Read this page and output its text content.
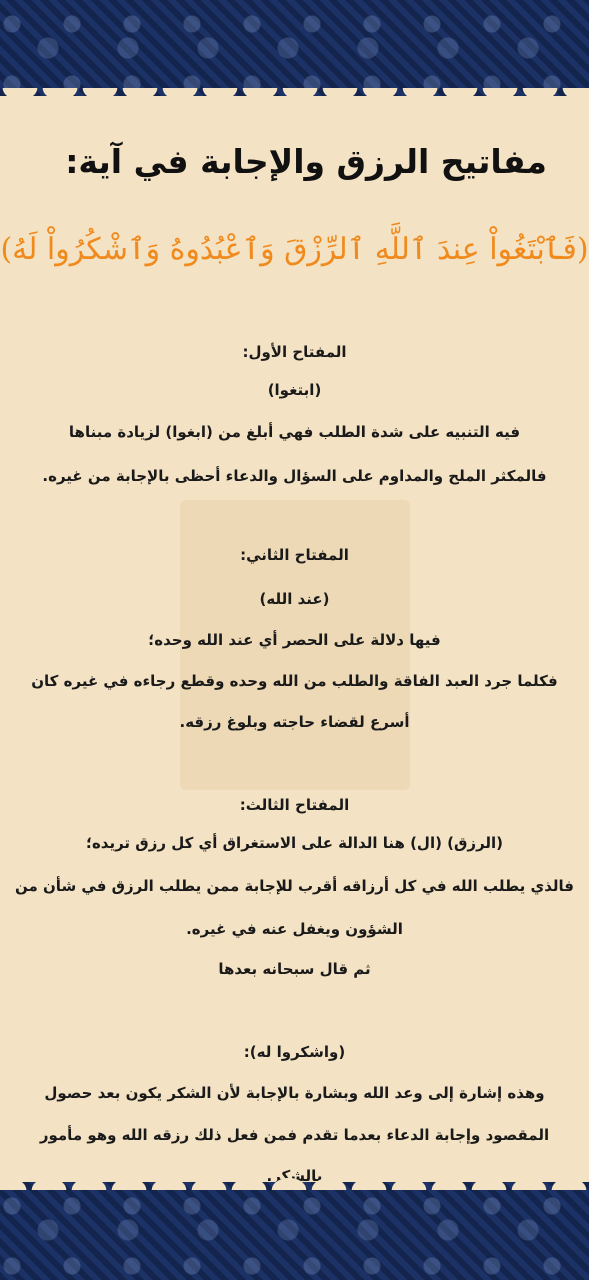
مفاتيح الرزق والإجابة في آية:
(فَٱبْتَغُواْ عِندَ ٱللَّهِ ٱلرِّزْقَ وَٱعْبُدُوهُ وَٱشْكُرُواْ لَهُ)
المفتاح الأول:
(ابتغوا)
فيه التنبيه على شدة الطلب فهي أبلغ من (ابغوا) لزيادة مبناها
فالمكثر الملح والمداوم على السؤال والدعاء أحظى بالإجابة من غيره.
المفتاح الثاني:
(عند الله)
فيها دلالة على الحصر أي عند الله وحده؛
فكلما جرد العبد الفاقة والطلب من الله وحده وقطع رجاءه في غيره كان
أسرع لقضاء حاجته وبلوغ رزقه.
المفتاح الثالث:
(الرزق) (ال) هنا الدالة على الاستغراق أي كل رزق تريده؛
فالذي يطلب الله في كل أرزاقه أقرب للإجابة ممن يطلب الرزق في شأن من
الشؤون ويغفل عنه في غيره.
ثم قال سبحانه بعدها
(واشكروا له):
وهذه إشارة إلى وعد الله وبشارة بالإجابة لأن الشكر يكون بعد حصول
المقصود وإجابة الدعاء بعدما تقدم فمن فعل ذلك رزقه الله وهو مأمور
